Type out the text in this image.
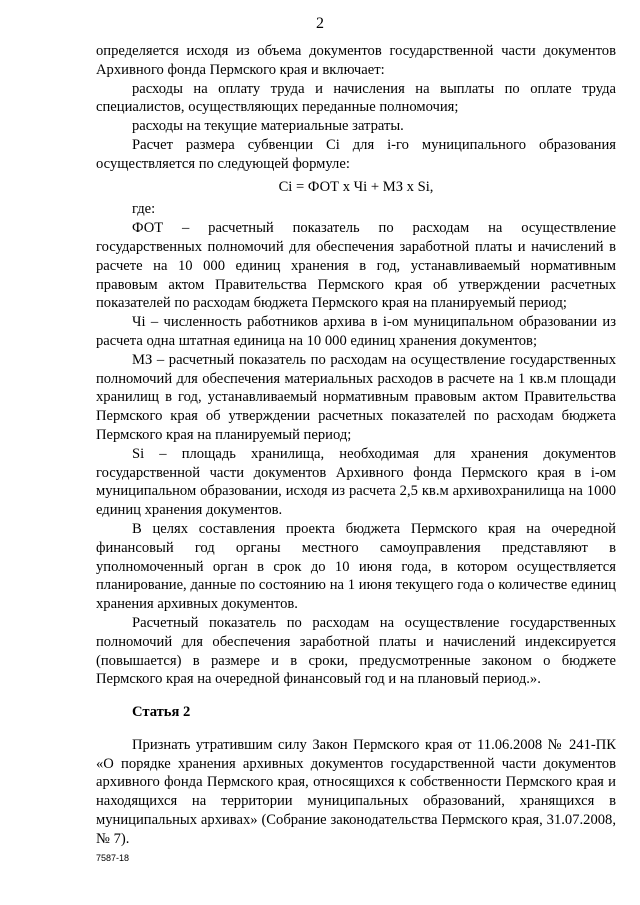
2

определяется исходя из объема документов государственной части документов Архивного фонда Пермского края и включает:

расходы на оплату труда и начисления на выплаты по оплате труда специалистов, осуществляющих переданные полномочия;

расходы на текущие материальные затраты.

Расчет размера субвенции Ci для i-го муниципального образования осуществляется по следующей формуле:

Ci = ФОТ x Чi + МЗ x Si,

где:

ФОТ – расчетный показатель по расходам на осуществление государственных полномочий для обеспечения заработной платы и начислений в расчете на 10 000 единиц хранения в год, устанавливаемый нормативным правовым актом Правительства Пермского края об утверждении расчетных показателей по расходам бюджета Пермского края на планируемый период;

Чi – численность работников архива в i-ом муниципальном образовании из расчета одна штатная единица на 10 000 единиц хранения документов;

МЗ – расчетный показатель по расходам на осуществление государственных полномочий для обеспечения материальных расходов в расчете на 1 кв.м площади хранилищ в год, устанавливаемый нормативным правовым актом Правительства Пермского края об утверждении расчетных показателей по расходам бюджета Пермского края на планируемый период;

Si – площадь хранилища, необходимая для хранения документов государственной части документов Архивного фонда Пермского края в i-ом муниципальном образовании, исходя из расчета 2,5 кв.м архивохранилища на 1000 единиц хранения документов.

В целях составления проекта бюджета Пермского края на очередной финансовый год органы местного самоуправления представляют в уполномоченный орган в срок до 10 июня года, в котором осуществляется планирование, данные по состоянию на 1 июня текущего года о количестве единиц хранения архивных документов.

Расчетный показатель по расходам на осуществление государственных полномочий для обеспечения заработной платы и начислений индексируется (повышается) в размере и в сроки, предусмотренные законом о бюджете Пермского края на очередной финансовый год и на плановый период.».

Статья 2

Признать утратившим силу Закон Пермского края от 11.06.2008 № 241-ПК «О порядке хранения архивных документов государственной части документов архивного фонда Пермского края, относящихся к собственности Пермского края и находящихся на территории муниципальных образований, хранящихся в муниципальных архивах» (Собрание законодательства Пермского края, 31.07.2008, № 7).

7587-18
